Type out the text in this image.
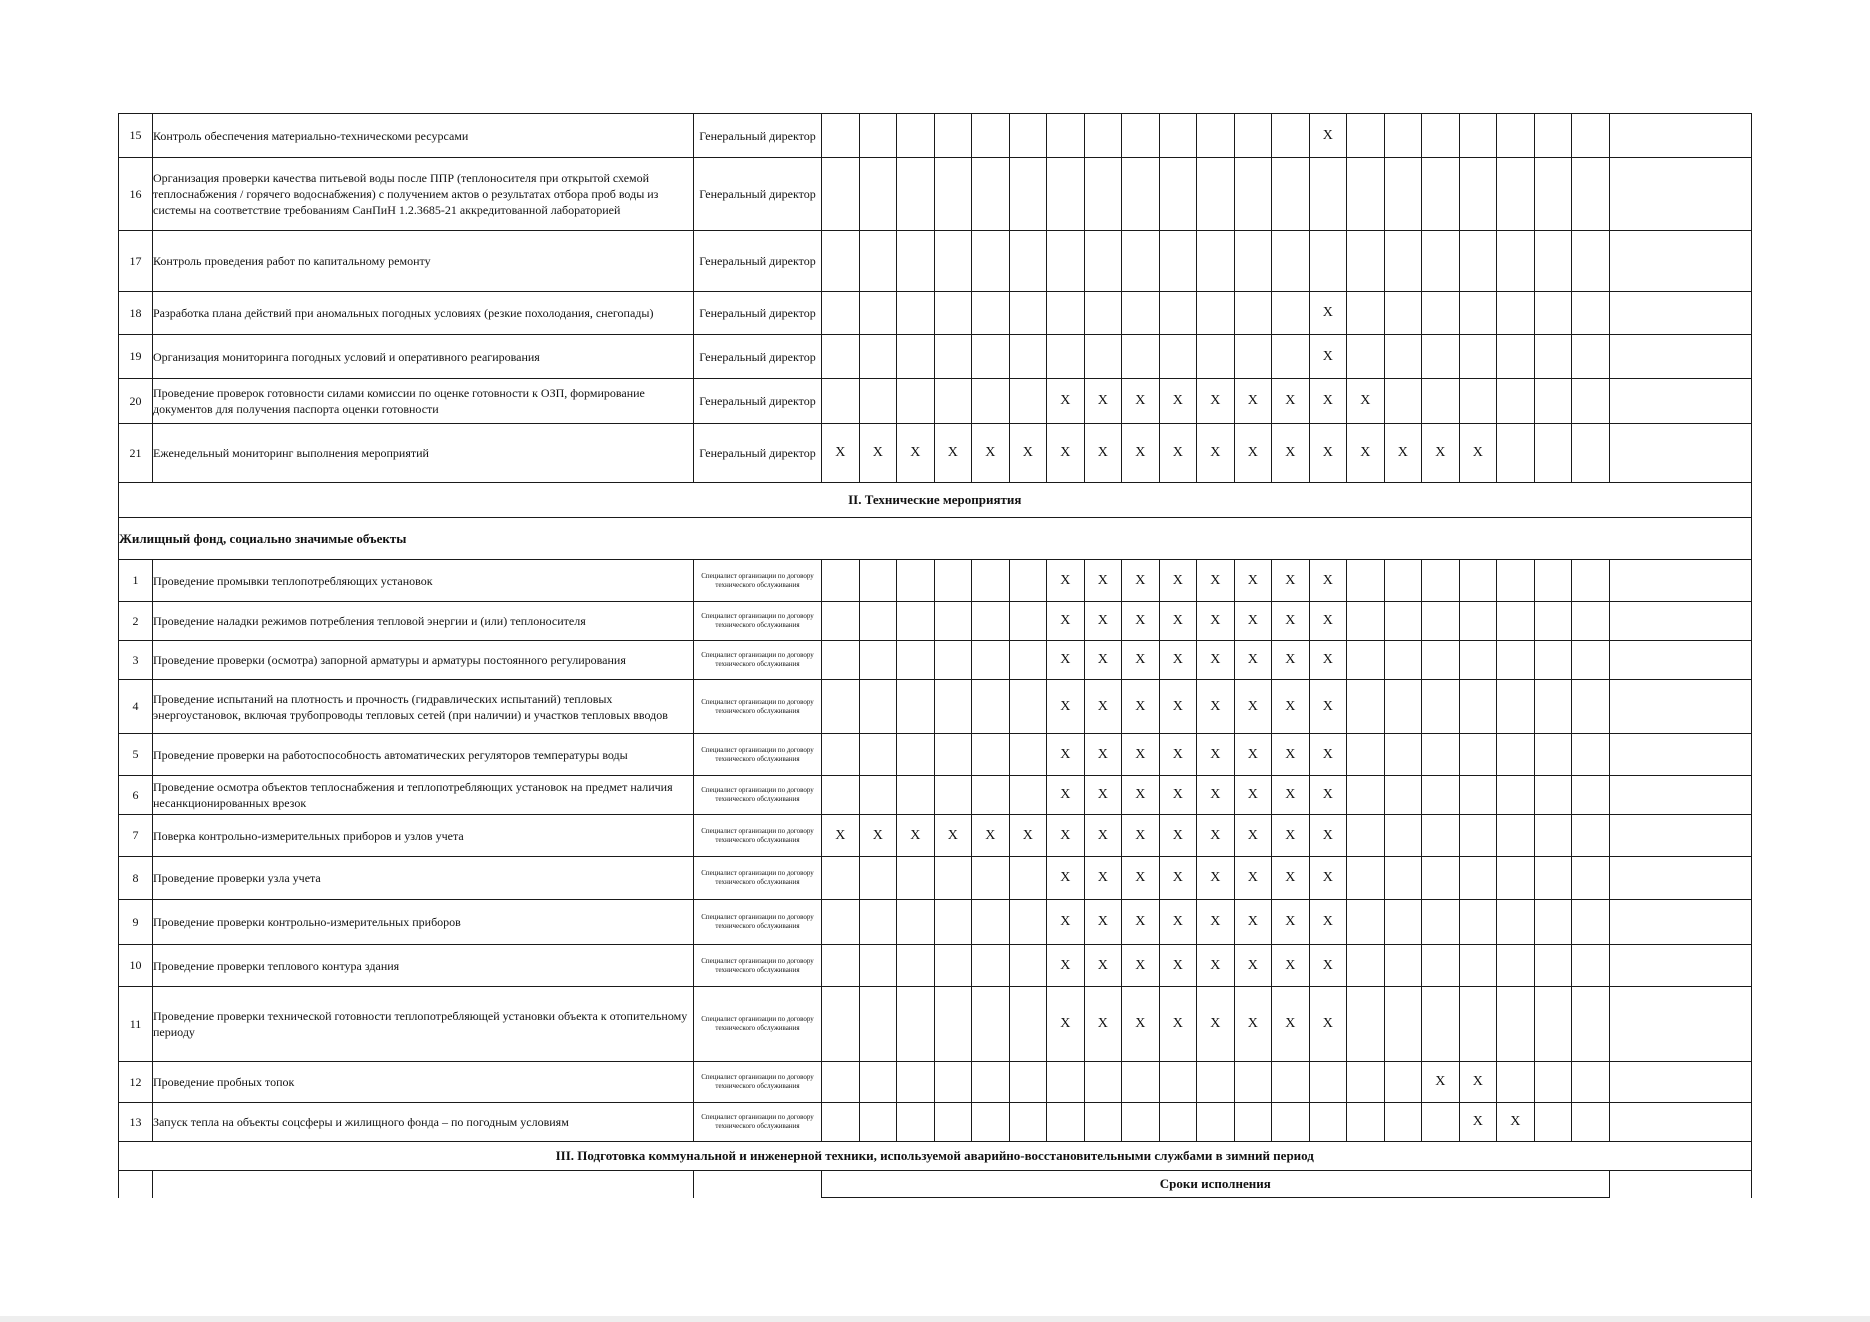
15	Контроль обеспечения материально-техническоми ресурсами	Генеральный директор														Х								
16	Организация проверки качества питьевой воды после ППР (теплоносителя при открытой схемой теплоснабжения / горячего водоснабжения) с получением актов о результатах отбора проб воды из системы на соответствие требованиям СанПиН 1.2.3685-21 аккредитованной лабораторией	Генеральный директор																						
17	Контроль проведения работ по капитальному ремонту	Генеральный директор																						
18	Разработка плана действий при аномальных погодных условиях (резкие похолодания, снегопады)	Генеральный директор														Х								
19	Организация мониторинга погодных условий и оперативного реагирования	Генеральный директор														Х								
20	Проведение проверок готовности силами комиссии по оценке готовности к ОЗП, формирование документов для получения паспорта оценки готовности	Генеральный директор							Х	Х	Х	Х	Х	Х	Х	Х	Х							
21	Еженедельный мониторинг выполнения мероприятий	Генеральный директор	Х	Х	Х	Х	Х	Х	Х	Х	Х	Х	Х	Х	Х	Х	Х	Х	Х	Х				
II. Технические мероприятия																								
Жилищный фонд, социально значимые объекты																								
1	Проведение промывки теплопотребляющих установок	Специалист организации по договору технического обслуживания							Х	Х	Х	Х	Х	Х	Х	Х								
2	Проведение наладки режимов потребления тепловой энергии и (или) теплоносителя	Специалист организации по договору технического обслуживания							Х	Х	Х	Х	Х	Х	Х	Х								
3	Проведение проверки (осмотра) запорной арматуры и арматуры постоянного регулирования	Специалист организации по договору технического обслуживания							Х	Х	Х	Х	Х	Х	Х	Х								
4	Проведение испытаний на плотность и прочность (гидравлических испытаний) тепловых энергоустановок, включая трубопроводы тепловых сетей (при наличии) и участков тепловых вводов	Специалист организации по договору технического обслуживания							Х	Х	Х	Х	Х	Х	Х	Х								
5	Проведение проверки на работоспособность автоматических регуляторов температуры воды	Специалист организации по договору технического обслуживания							Х	Х	Х	Х	Х	Х	Х	Х								
6	Проведение осмотра объектов теплоснабжения и теплопотребляющих установок на предмет наличия несанкционированных врезок	Специалист организации по договору технического обслуживания							Х	Х	Х	Х	Х	Х	Х	Х								
7	Поверка контрольно-измерительных приборов и узлов учета	Специалист организации по договору технического обслуживания	Х	Х	Х	Х	Х	Х	Х	Х	Х	Х	Х	Х	Х	Х								
8	Проведение проверки узла учета	Специалист организации по договору технического обслуживания							Х	Х	Х	Х	Х	Х	Х	Х								
9	Проведение проверки контрольно-измерительных приборов	Специалист организации по договору технического обслуживания							Х	Х	Х	Х	Х	Х	Х	Х								
10	Проведение проверки теплового контура здания	Специалист организации по договору технического обслуживания							Х	Х	Х	Х	Х	Х	Х	Х								
11	Проведение проверки технической готовности теплопотребляющей установки объекта к отопительному периоду	Специалист организации по договору технического обслуживания							Х	Х	Х	Х	Х	Х	Х	Х								
12	Проведение пробных топок	Специалист организации по договору технического обслуживания																	Х	Х				
13	Запуск тепла на объекты соцсферы и жилищного фонда – по погодным условиям	Специалист организации по договору технического обслуживания																		Х	Х			
III. Подготовка коммунальной и инженерной техники, используемой аварийно-восстановительными службами в зимний период																								
			Сроки исполнения																					
